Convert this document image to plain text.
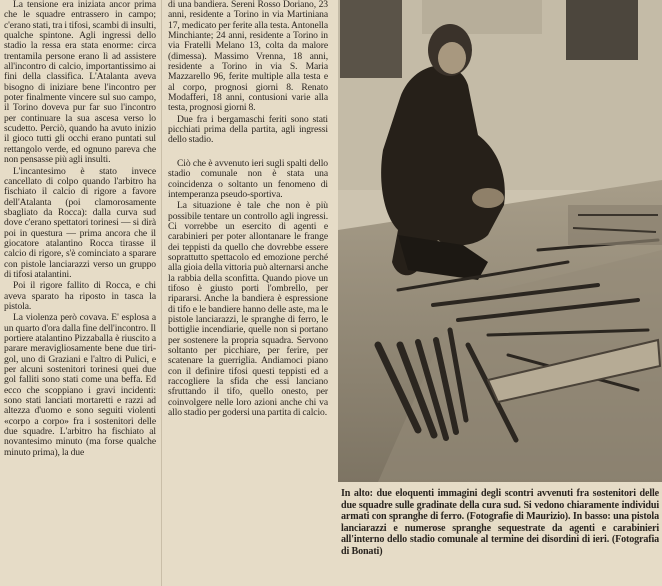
La tensione era iniziata ancor prima che le squadre entrassero in campo; c'erano stati, tra i tifosi, scambi di insulti, qualche spintone. Agli ingressi dello stadio la ressa era stata enorme: circa trentamila persone erano lì ad assistere all'incontro di calcio, importantissimo ai fini della classifica. L'Atalanta aveva bisogno di iniziare bene l'incontro per poter finalmente vincere sul suo campo, il Torino doveva pur far suo l'incontro per continuare la sua ascesa verso lo scudetto. Perciò, quando ha avuto inizio il gioco tutti gli occhi erano puntati sul rettangolo verde, ed ognuno pareva che non pensasse più agli insulti.

L'incantesimo è stato invece cancellato di colpo quando l'arbitro ha fischiato il calcio di rigore a favore dell'Atalanta (poi clamorosamente sbagliato da Rocca): dalla curva sud dove c'erano spettatori torinesi — si dirà poi in questura — prima ancora che il giocatore atalantino Rocca tirasse il calcio di rigore, s'è cominciato a sparare con pistole lanciarazzi verso un gruppo di tifosi atalantini.

Poi il rigore fallito di Rocca, e chi aveva sparato ha riposto in tasca la pistola.

La violenza però covava. E' esplosa a un quarto d'ora dalla fine dell'incontro. Il portiere atalantino Pizzaballa è riuscito a parare meravigliosamente bene due tiri-gol, uno di Graziani e l'altro di Pulici, e per alcuni sostenitori torinesi quei due gol falliti sono stati come una beffa. Ed ecco che scoppiano i gravi incidenti: sono stati lanciati mortaretti e razzi ad altezza d'uomo e sono seguiti violenti «corpo a corpo» fra i sostenitori delle due squadre. L'arbitro ha fischiato al novantesimo minuto (ma forse qualche minuto prima), la due

di una bandiera. Sereni Rosso Doriano, 23 anni, residente a Torino in via Martiniana 17, medicato per ferite alla testa. Antonella Minchiante; 24 anni, residente a Torino in via Fratelli Melano 13, colta da malore (dimessa). Massimo Vrenna, 18 anni, residente a Torino in via S. Maria Mazzarello 96, ferite multiple alla testa e al corpo, prognosi giorni 8. Renato Modafferi, 18 anni, contusioni varie alla testa, prognosi giorni 8.

Due fra i bergamaschi feriti sono stati picchiati prima della partita, agli ingressi dello stadio.

Ciò che è avvenuto ieri sugli spalti dello stadio comunale non è stata una coincidenza o soltanto un fenomeno di intemperanza pseudo-sportiva.

La situazione è tale che non è più possibile tentare un controllo agli ingressi. Ci vorrebbe un esercito di agenti e carabinieri per poter allontanare le frange dei teppisti da quello che dovrebbe essere soprattutto spettacolo ed emozione perché alla gioia della vittoria può alternarsi anche la rabbia della sconfitta. Quando piove un tifoso è giusto porti l'ombrello, per ripararsi. Anche la bandiera è espressione di tifo e le bandiere hanno delle aste, ma le pistole lanciarazzi, le spranghe di ferro, le bottiglie incendiarie, quelle non si portano per sostenere la propria squadra. Servono soltanto per picchiare, per ferire, per scatenare la guerriglia. Andiamoci piano con il definire tifosi questi teppisti ed a raccogliere la sfida che essi lanciano sfruttando il tifo, quello onesto, per coinvolgere nelle loro azioni anche chi va allo stadio per godersi una partita di calcio.

In alto: due eloquenti immagini degli scontri avvenuti fra sostenitori delle due squadre sulle gradinate della cura sud. Si vedono chiaramente individui armati con spranghe di ferro. (Fotografie di Maurizio). In basso: una pistola lanciarazzi e numerose spranghe sequestrate da agenti e carabinieri all'interno dello stadio comunale al termine dei disordini di ieri. (Fotografia di Bonati)
